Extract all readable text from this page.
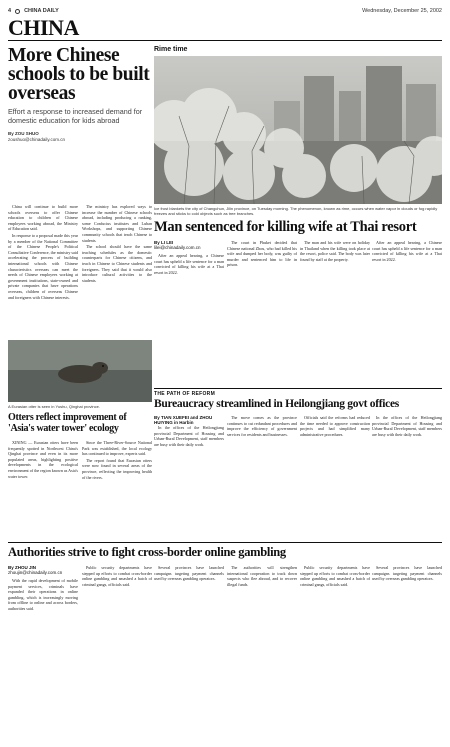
4 CHINA DAILY	Wednesday, December 25, 2002
CHINA
More Chinese schools to be built overseas
Effort a response to increased demand for domestic education for kids abroad
By ZOU SHUO
zoushuo@chinadaily.com.cn

China will continue to build more schools overseas to offer Chinese education to children of Chinese employees working abroad, the Ministry of Education said.

In response to a proposal made this year by a member of the National Committee of the Chinese People's Political Consultative Conference, the ministry said accelerating the process of building international schools with Chinese characteristics overseas can meet the needs of Chinese employees working at government institutions, state-owned and private companies that have operations overseas, children of overseas Chinese and foreigners with Chinese interests.

The ministry has explored ways to increase the number of Chinese schools abroad, including producing a ranking, some Confucius institutes and Luban Workshops, and supporting Chinese community schools that teach Chinese to students.

The school should have the same teaching schedules as the domestic counterparts for Chinese citizens, and teach in Chinese to Chinese students and foreigners. They said that it would also introduce cultural activities to the students.

Rime time
Ice frost blankets the city of Changchun, Jilin province, on Tuesday morning. The phenomenon, known as rime, occurs when water vapor in clouds or fog rapidly freezes and sticks to cold objects such as tree branches.
Man sentenced for killing wife at Thai resort
By LI LEI
lilei@chinadaily.com.cn

After an appeal hearing, a Chinese court has upheld a life sentence for a man convicted of killing his wife at a Thai resort in 2022.

The court in Phuket decided that Chinese national Zhou, who had killed his wife and dumped her body, was guilty of murder and sentenced him to life in prison.

The man and his wife were on holiday in Thailand when the killing took place at the resort, police said. The body was later found by staff at the property.

After an appeal hearing, a Chinese court has upheld a life sentence for a man convicted of killing his wife at a Thai resort in 2022.

THE PATH OF REFORM
Bureaucracy streamlined in Heilongjiang govt offices
By TIAN XUEFEI and ZHOU HUIYING in Harbin

In the offices of the Heilongjiang provincial Department of Housing and Urban-Rural Development, staff members are busy with their daily work.

The move comes as the province continues to cut redundant procedures and improve the efficiency of government services for residents and businesses.

Officials said the reforms had reduced the time needed to approve construction projects and had simplified many administrative procedures.

In the offices of the Heilongjiang provincial Department of Housing and Urban-Rural Development, staff members are busy with their daily work.

A Eurasian otter is seen in Yushu, Qinghai province.
Otters reflect improvement of 'Asia's water tower' ecology

XINING — Eurasian otters have been frequently spotted in Northwest China's Qinghai province and even in its more populated areas, highlighting positive developments in the ecological environment of the region known as Asia's water tower.

Since the Three-River-Source National Park was established, the local ecology has continued to improve, experts said.

The report found that Eurasian otters were now found in several areas of the province, reflecting the improving health of the rivers.

Authorities strive to fight cross-border online gambling
By ZHOU JIN
zhoujin@chinadaily.com.cn

With the rapid development of mobile payment services, criminals have expanded their operations in online gambling, which is increasingly moving from offline to online and across borders, authorities said.

Public security departments have stepped up efforts to combat cross-border online gambling and smashed a batch of criminal gangs, officials said.

Several provinces have launched campaigns targeting payment channels used by overseas gambling operators.

The authorities will strengthen international cooperation to track down suspects who flee abroad, and to recover illegal funds.

Public security departments have stepped up efforts to combat cross-border online gambling and smashed a batch of criminal gangs, officials said.

Several provinces have launched campaigns targeting payment channels used by overseas gambling operators.
